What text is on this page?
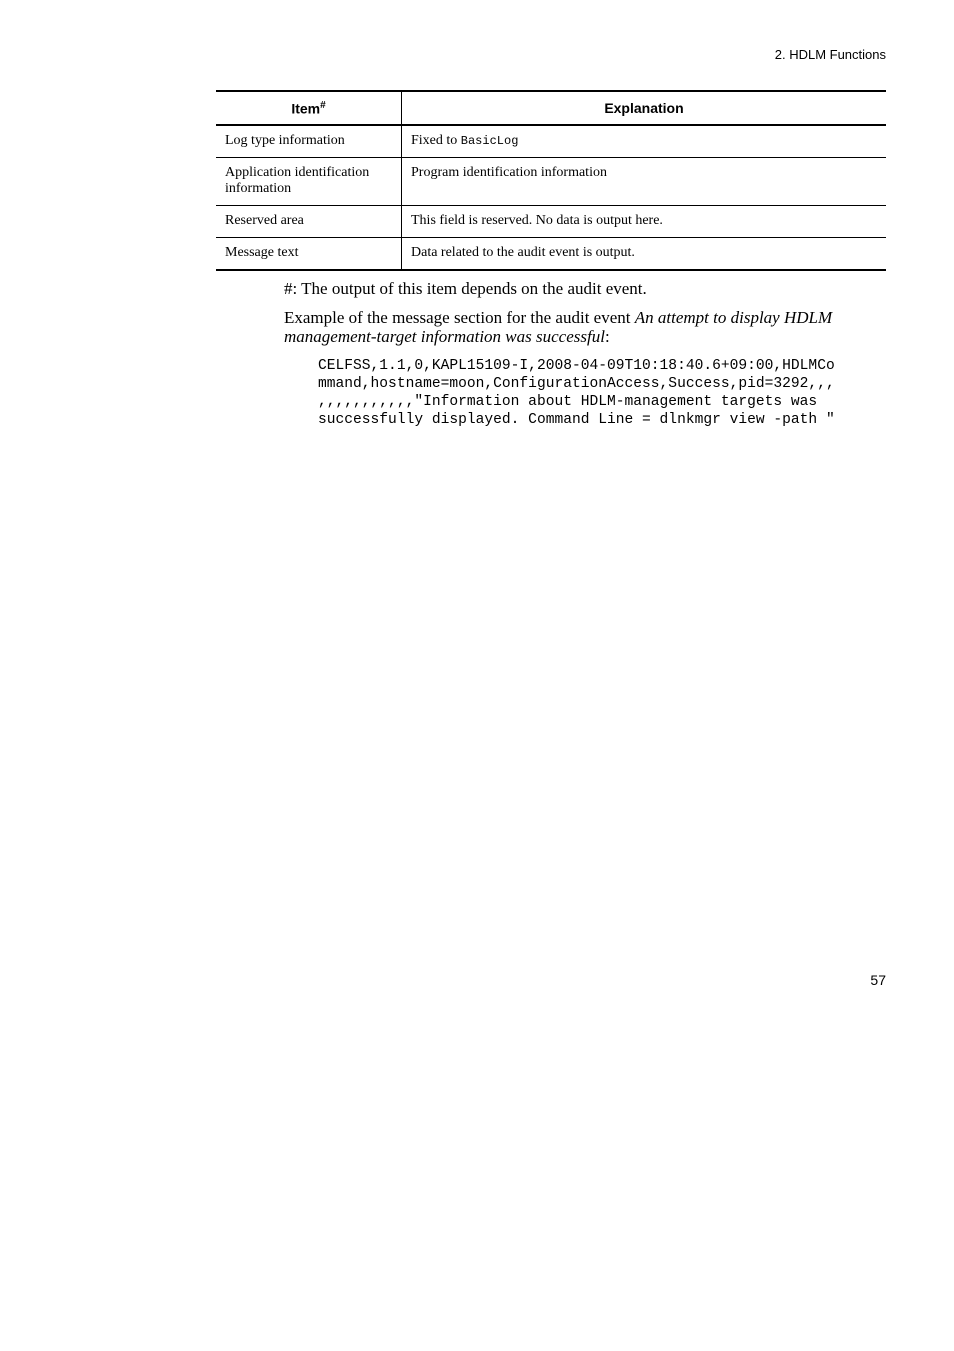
2. HDLM Functions
Item#	Explanation
Log type information	Fixed to BasicLog
Application identification information	Program identification information
Reserved area	This field is reserved. No data is output here.
Message text	Data related to the audit event is output.
#: The output of this item depends on the audit event.
Example of the message section for the audit event An attempt to display HDLM management-target information was successful:
CELFSS,1.1,0,KAPL15109-I,2008-04-09T10:18:40.6+09:00,HDLMCo
mmand,hostname=moon,ConfigurationAccess,Success,pid=3292,,,
,,,,,,,,,,,"Information about HDLM-management targets was
successfully displayed. Command Line = dlnkmgr view -path "
57
